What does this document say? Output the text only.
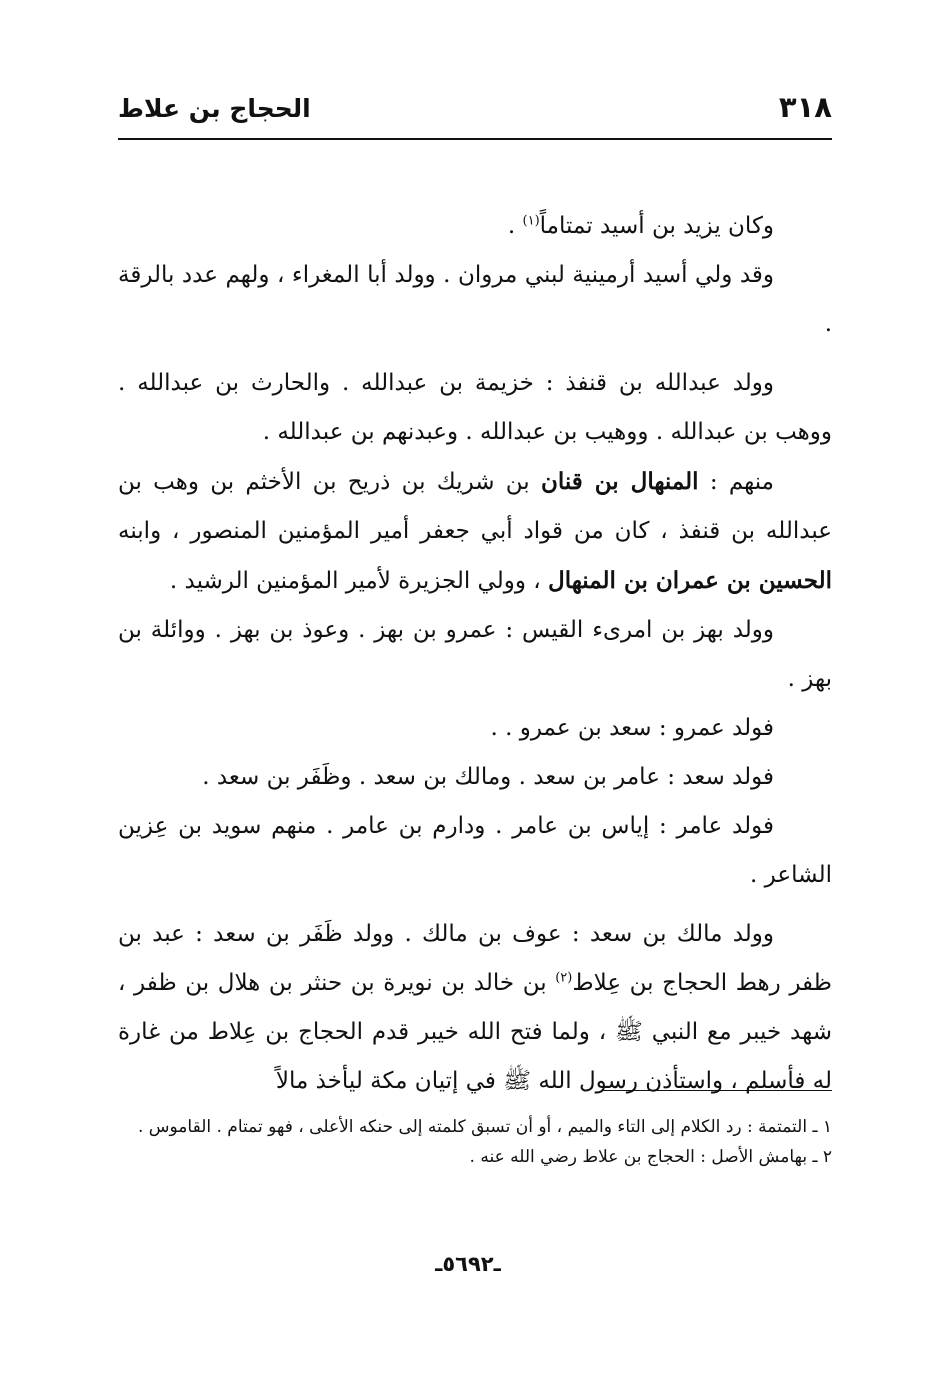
٣١٨
الحجاج بن علاط

وكان يزيد بن أسيد تمتاماً$^{(١)}$ .

وقد ولي أسيد أرمينية لبني مروان . وولد أبا المغراء ، ولهم عدد بالرقة .

وولد عبدالله بن قنفذ : خزيمة بن عبدالله . والحارث بن عبدالله . ووهب بن عبدالله . ووهيب بن عبدالله . وعبدنهم بن عبدالله .

منهم : المنهال بن قنان بن شريك بن ذريح بن الأخثم بن وهب بن عبدالله بن قنفذ ، كان من قواد أبي جعفر أمير المؤمنين المنصور ، وابنه الحسين بن عمران بن المنهال ، وولي الجزيرة لأمير المؤمنين الرشيد .

وولد بهز بن امرىء القيس : عمرو بن بهز . وعوذ بن بهز . ووائلة بن بهز .

فولد عمرو : سعد بن عمرو . .

فولد سعد : عامر بن سعد . ومالك بن سعد . وظَفَر بن سعد .

فولد عامر : إياس بن عامر . ودارم بن عامر . منهم سويد بن عِزين الشاعر .

وولد مالك بن سعد : عوف بن مالك . وولد ظَفَر بن سعد : عبد بن ظفر رهط الحجاج بن عِلاط$^{(٢)}$ بن خالد بن نويرة بن حنثر بن هلال بن ظفر ، شهد خيبر مع النبي ﷺ ، ولما فتح الله خيبر قدم الحجاج بن عِلاط من غارة له فأسلم ، واستأذن رسول الله ﷺ في إتيان مكة ليأخذ مالاً

١ ـ التمتمة : رد الكلام إلى التاء والميم ، أو أن تسبق كلمته إلى حنكه الأعلى ، فهو تمتام . القاموس .

٢ ـ بهامش الأصل : الحجاج بن علاط رضي الله عنه .

ـ٥٦٩٢ـ
